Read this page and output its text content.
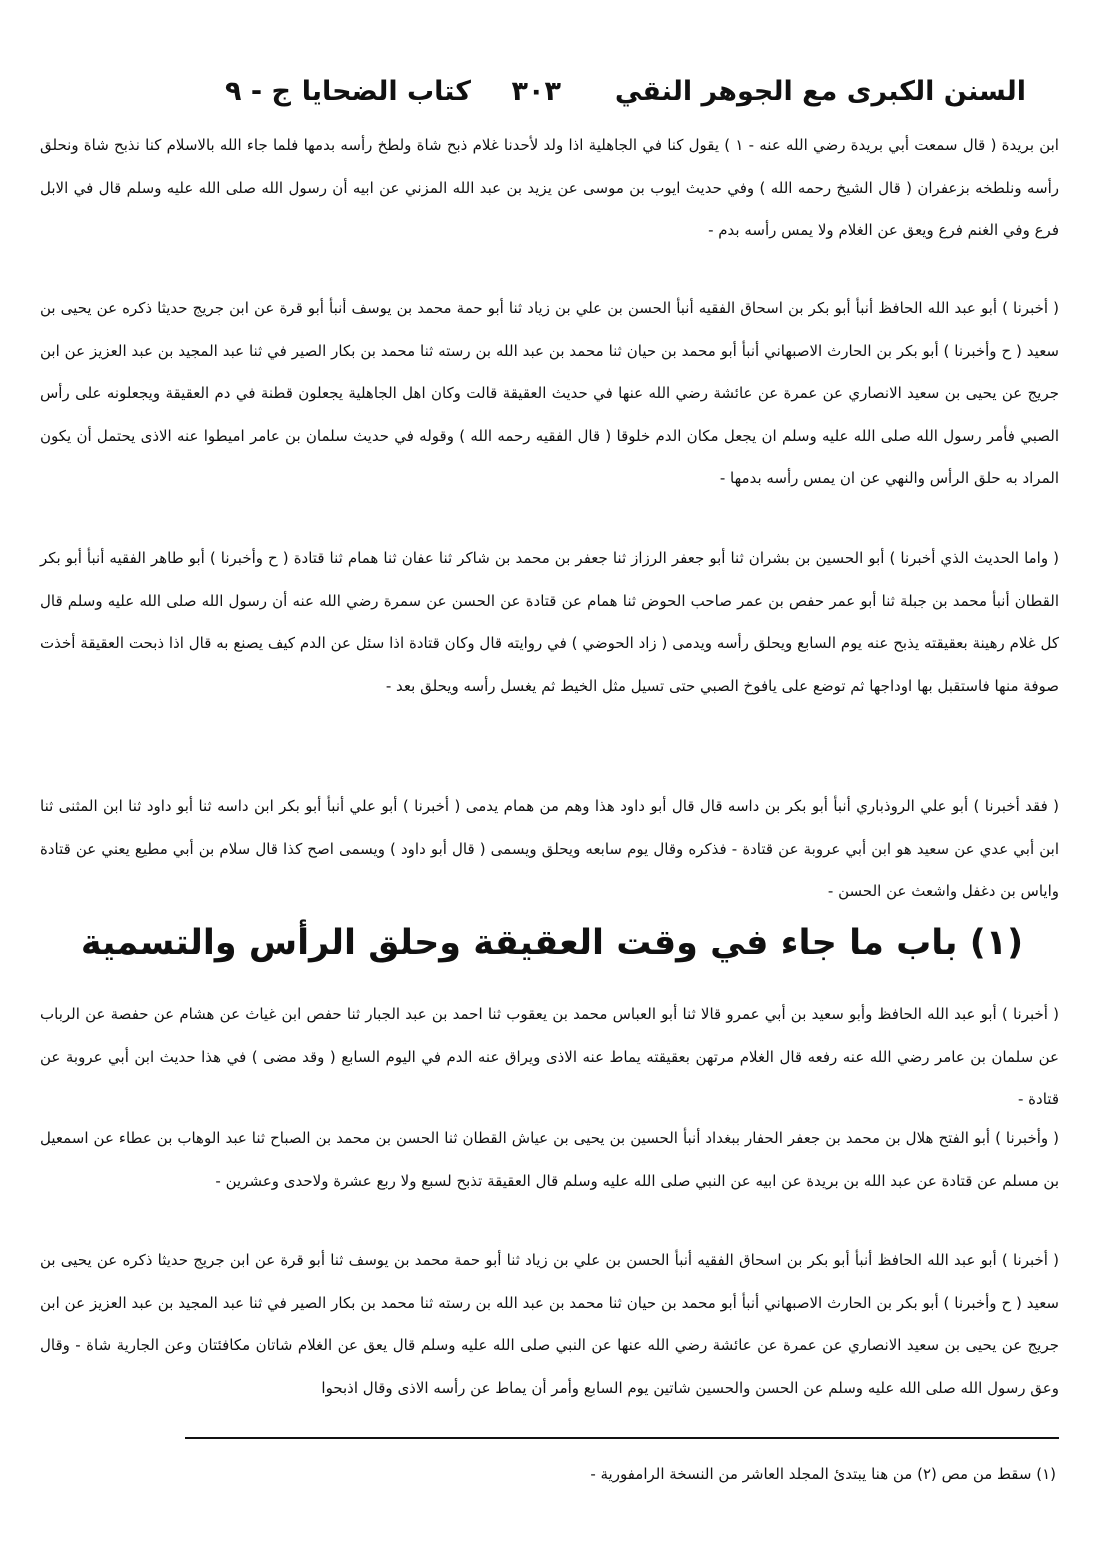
السنن الكبرى مع الجوهر النقي
٣٠٣
كتاب الضحايا
ج - ٩

ابن بريدة ( قال سمعت أبي بريدة رضي الله عنه - ١ ) يقول كنا في الجاهلية اذا ولد لأحدنا غلام ذبح شاة ولطخ رأسه بدمها فلما جاء الله بالاسلام كنا نذبح شاة ونحلق رأسه ونلطخه بزعفران ( قال الشيخ رحمه الله ) وفي حديث ايوب بن موسى عن يزيد بن عبد الله المزني عن ابيه أن رسول الله صلى الله عليه وسلم قال في الابل فرع وفي الغنم فرع ويعق عن الغلام ولا يمس رأسه بدم -

( أخبرنا ) أبو عبد الله الحافظ أنبأ أبو بكر بن اسحاق الفقيه أنبأ الحسن بن علي بن زياد ثنا أبو حمة محمد بن يوسف أنبأ أبو قرة عن ابن جريج حديثا ذكره عن يحيى بن سعيد ( ح وأخبرنا ) أبو بكر بن الحارث الاصبهاني أنبأ أبو محمد بن حيان ثنا محمد بن عبد الله بن رسته ثنا محمد بن بكار الصير في ثنا عبد المجيد بن عبد العزيز عن ابن جريج عن يحيى بن سعيد الانصاري عن عمرة عن عائشة رضي الله عنها في حديث العقيقة قالت وكان اهل الجاهلية يجعلون قطنة في دم العقيقة ويجعلونه على رأس الصبي فأمر رسول الله صلى الله عليه وسلم ان يجعل مكان الدم خلوقا ( قال الفقيه رحمه الله ) وقوله في حديث سلمان بن عامر اميطوا عنه الاذى يحتمل أن يكون المراد به حلق الرأس والنهي عن ان يمس رأسه بدمها -

( واما الحديث الذي أخبرنا ) أبو الحسين بن بشران ثنا أبو جعفر الرزاز ثنا جعفر بن محمد بن شاكر ثنا عفان ثنا همام ثنا قتادة ( ح وأخبرنا ) أبو طاهر الفقيه أنبأ أبو بكر القطان أنبأ محمد بن جبلة ثنا أبو عمر حفص بن عمر صاحب الحوض ثنا همام عن قتادة عن الحسن عن سمرة رضي الله عنه أن رسول الله صلى الله عليه وسلم قال كل غلام رهينة بعقيقته يذبح عنه يوم السابع ويحلق رأسه ويدمى ( زاد الحوضي ) في روايته قال وكان قتادة اذا سئل عن الدم كيف يصنع به قال اذا ذبحت العقيقة أخذت صوفة منها فاستقبل بها اوداجها ثم توضع على يافوخ الصبي حتى تسيل مثل الخيط ثم يغسل رأسه ويحلق بعد -

( فقد أخبرنا ) أبو علي الروذباري أنبأ أبو بكر بن داسه قال قال أبو داود هذا وهم من همام يدمى ( أخبرنا ) أبو علي أنبأ أبو بكر ابن داسه ثنا أبو داود ثنا ابن المثنى ثنا ابن أبي عدي عن سعيد هو ابن أبي عروبة عن قتادة - فذكره وقال يوم سابعه ويحلق ويسمى ( قال أبو داود ) ويسمى اصح كذا قال سلام بن أبي مطيع يعني عن قتادة واياس بن دغفل واشعث عن الحسن -

(١) باب ما جاء في وقت العقيقة وحلق الرأس والتسمية

( أخبرنا ) أبو عبد الله الحافظ وأبو سعيد بن أبي عمرو قالا ثنا أبو العباس محمد بن يعقوب ثنا احمد بن عبد الجبار ثنا حفص ابن غياث عن هشام عن حفصة عن الرباب عن سلمان بن عامر رضي الله عنه رفعه قال الغلام مرتهن بعقيقته يماط عنه الاذى ويراق عنه الدم في اليوم السابع ( وقد مضى ) في هذا حديث ابن أبي عروبة عن قتادة -

( وأخبرنا ) أبو الفتح هلال بن محمد بن جعفر الحفار ببغداد أنبأ الحسين بن يحيى بن عياش القطان ثنا الحسن بن محمد بن الصباح ثنا عبد الوهاب بن عطاء عن اسمعيل بن مسلم عن قتادة عن عبد الله بن بريدة عن ابيه عن النبي صلى الله عليه وسلم قال العقيقة تذبح لسبع ولا ربع عشرة ولاحدى وعشرين -

( أخبرنا ) أبو عبد الله الحافظ أنبأ أبو بكر بن اسحاق الفقيه أنبأ الحسن بن علي بن زياد ثنا أبو حمة محمد بن يوسف ثنا أبو قرة عن ابن جريج حديثا ذكره عن يحيى بن سعيد ( ح وأخبرنا ) أبو بكر بن الحارث الاصبهاني أنبأ أبو محمد بن حيان ثنا محمد بن عبد الله بن رسته ثنا محمد بن بكار الصير في ثنا عبد المجيد بن عبد العزيز عن ابن جريج عن يحيى بن سعيد الانصاري عن عمرة عن عائشة رضي الله عنها عن النبي صلى الله عليه وسلم قال يعق عن الغلام شاتان مكافئتان وعن الجارية شاة - وقال وعق رسول الله صلى الله عليه وسلم عن الحسن والحسين شاتين يوم السابع وأمر أن يماط عن رأسه الاذى وقال اذبحوا

(١) سقط من مص (٢) من هنا يبتدئ المجلد العاشر من النسخة الرامفورية -
